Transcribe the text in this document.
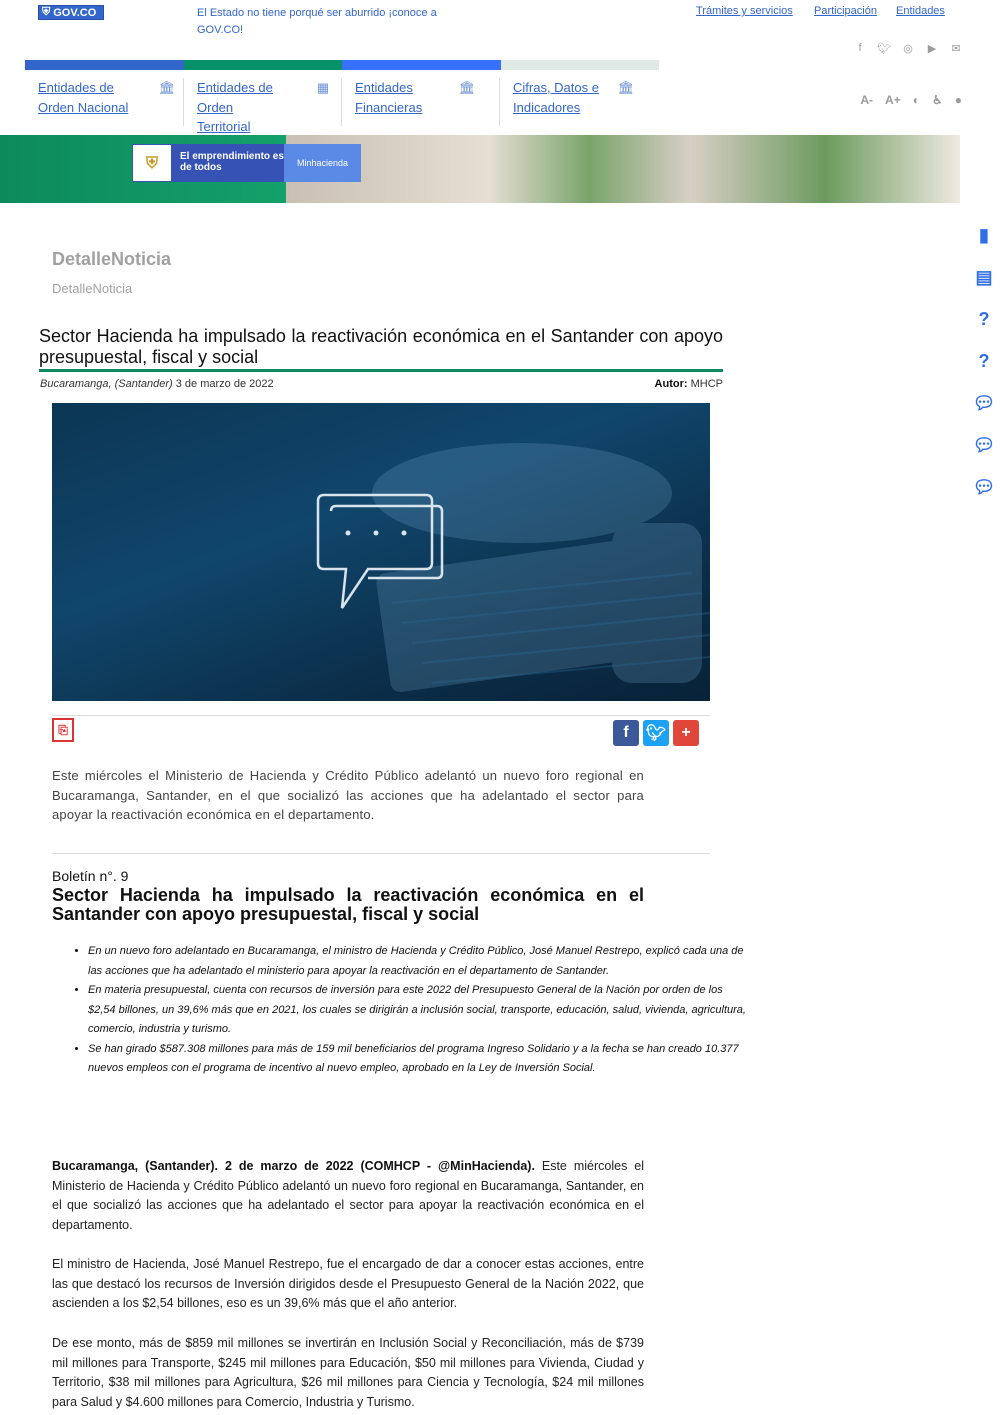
⛨ GOV.CO	El Estado no tiene porqué ser aburrido ¡conoce a GOV.CO!
Trámites y servicios Participación Entidades
f	🐦︎ ◎ ▶ ✉
Entidades de Orden Nacional
🏛︎ Entidades de Orden Territorial
▦	Entidades Financieras
🏛︎	Cifras, Datos e Indicadores
🏛︎
A- A+ ◐ ♿︎ ●
⛨	El emprendimiento es de todos	Minhacienda
▮
▤
?
?
💬︎
💬︎
💬︎
DetalleNoticia
DetalleNoticia
Sector Hacienda ha impulsado la reactivación económica en el Santander con apoyo presupuestal, fiscal y social
Bucaramanga, (Santander) 3 de marzo de 2022	Autor: MHCP
⎘	f	🐦︎ +
Este miércoles el Ministerio de Hacienda y Crédito Público adelantó un nuevo foro regional en Bucaramanga, Santander, en el que socializó las acciones que ha adelantado el sector para apoyar la reactivación económica en el departamento.
Boletín n°. 9
Sector Hacienda ha impulsado la reactivación económica en el Santander con apoyo presupuestal, fiscal y social
• En un nuevo foro adelantado en Bucaramanga, el ministro de Hacienda y Crédito Público, José Manuel Restrepo, explicó cada una de las acciones que ha adelantado el ministerio para apoyar la reactivación en el departamento de Santander.
• En materia presupuestal, cuenta con recursos de inversión para este 2022 del Presupuesto General de la Nación por orden de los $2,54 billones, un 39,6% más que en 2021, los cuales se dirigirán a inclusión social, transporte, educación, salud, vivienda, agricultura, comercio, industria y turismo.
• Se han girado $587.308 millones para más de 159 mil beneficiarios del programa Ingreso Solidario y a la fecha se han creado 10.377 nuevos empleos con el programa de incentivo al nuevo empleo, aprobado en la Ley de Inversión Social.

Bucaramanga, (Santander). 2 de marzo de 2022 (COMHCP - @MinHacienda). Este miércoles el Ministerio de Hacienda y Crédito Público adelantó un nuevo foro regional en Bucaramanga, Santander, en el que socializó las acciones que ha adelantado el sector para apoyar la reactivación económica en el departamento.

El ministro de Hacienda, José Manuel Restrepo, fue el encargado de dar a conocer estas acciones, entre las que destacó los recursos de Inversión dirigidos desde el Presupuesto General de la Nación 2022, que ascienden a los $2,54 billones, eso es un 39,6% más que el año anterior.

De ese monto, más de $859 mil millones se invertirán en Inclusión Social y Reconciliación, más de $739 mil millones para Transporte, $245 mil millones para Educación, $50 mil millones para Vivienda, Ciudad y Territorio, $38 mil millones para Agricultura, $26 mil millones para Ciencia y Tecnología, $24 mil millones para Salud y $4.600 millones para Comercio, Industria y Turismo.
